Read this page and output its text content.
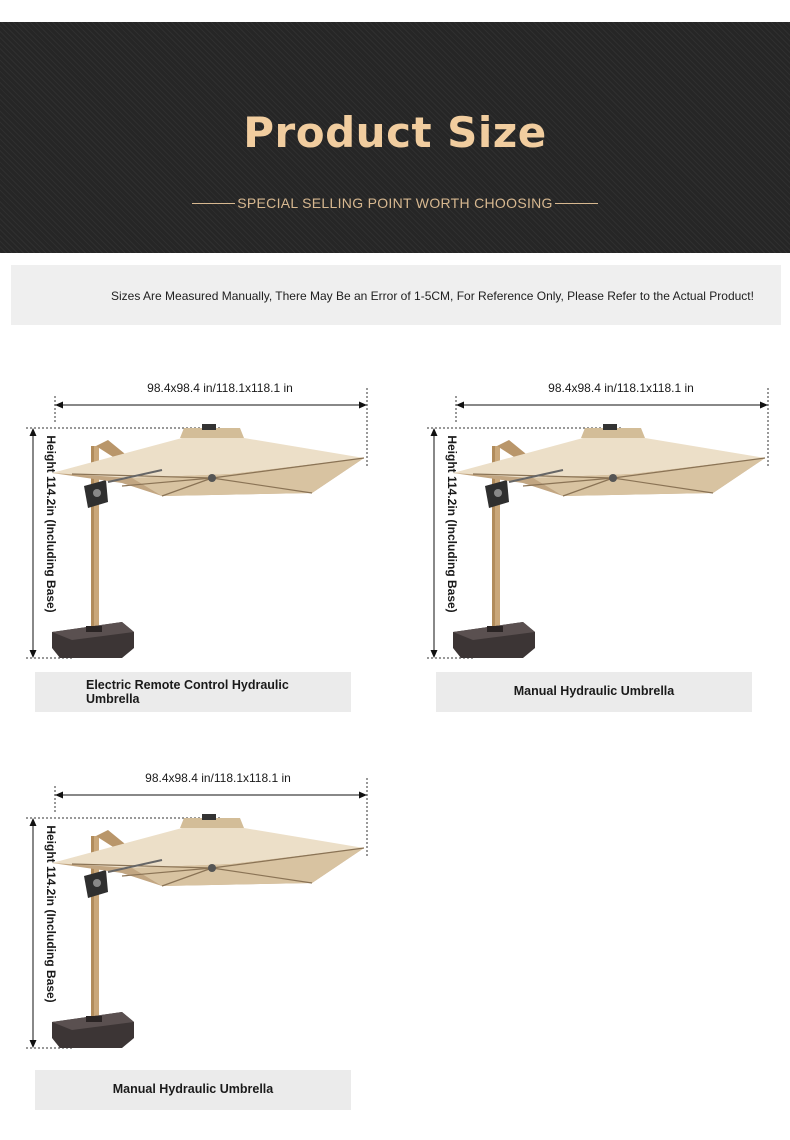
Product Size
SPECIAL SELLING POINT WORTH CHOOSING
Sizes Are Measured Manually, There May Be an Error of 1-5CM, For Reference Only, Please Refer to the Actual Product!
98.4x98.4 in/118.1x118.1 in
Height 114.2in (Including Base)
Electric Remote Control Hydraulic Umbrella
98.4x98.4 in/118.1x118.1 in
Height 114.2in (Including Base)
Manual Hydraulic Umbrella
98.4x98.4 in/118.1x118.1 in
Height 114.2in (Including Base)
Manual Hydraulic Umbrella
